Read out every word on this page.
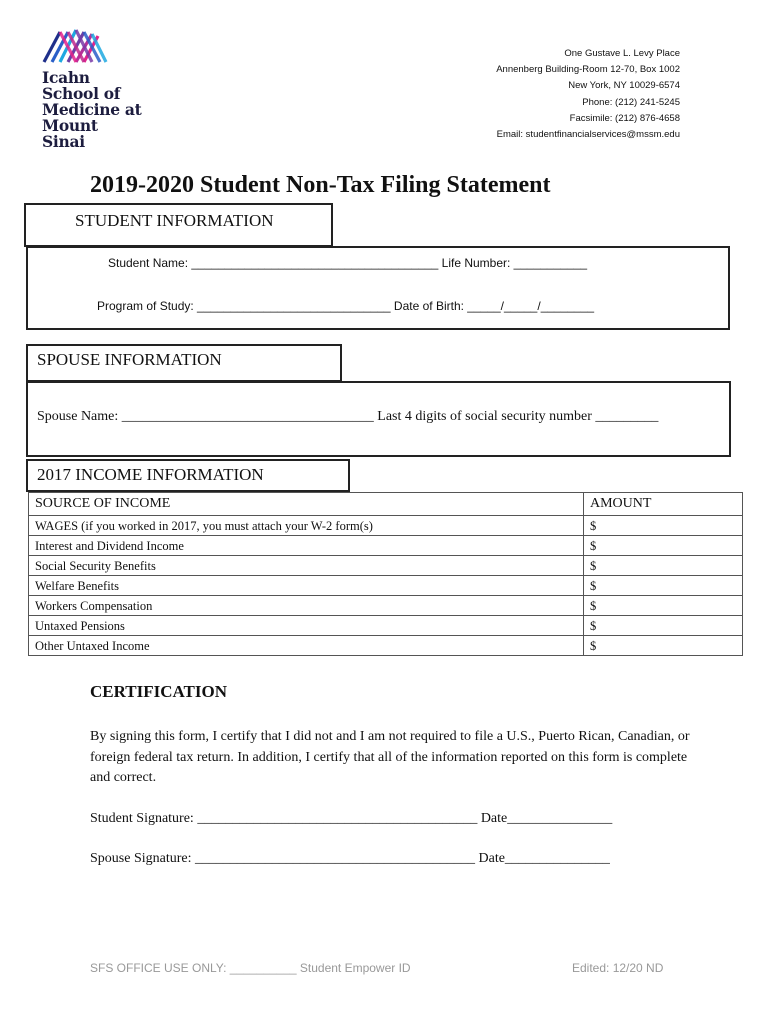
Icahn
School of
Medicine at
Mount
Sinai
One Gustave L. Levy Place
Annenberg Building-Room 12-70, Box 1002
New York, NY 10029-6574
Phone: (212) 241-5245
Facsimile: (212) 876-4658
Email: studentfinancialservices@mssm.edu
2019-2020 Student Non-Tax Filing Statement
STUDENT INFORMATION
Student Name: _____________________________________ Life Number: ___________
Program of Study: _____________________________ Date of Birth: _____/_____/________
SPOUSE INFORMATION
Spouse Name: ____________________________________ Last 4 digits of social security number _________
2017 INCOME INFORMATION
SOURCE OF INCOME	AMOUNT
WAGES (if you worked in 2017, you must attach your W-2 form(s)	$
Interest and Dividend Income	$
Social Security Benefits	$
Welfare Benefits	$
Workers Compensation	$
Untaxed Pensions	$
Other Untaxed Income	$
CERTIFICATION
By signing this form, I certify that I did not and I am not required to file a U.S., Puerto Rican, Canadian, or foreign federal tax return. In addition, I certify that all of the information reported on this form is complete and correct.
Student Signature: ________________________________________ Date_______________
Spouse Signature: ________________________________________ Date_______________
SFS OFFICE USE ONLY: __________ Student Empower ID	Edited: 12/20 ND
